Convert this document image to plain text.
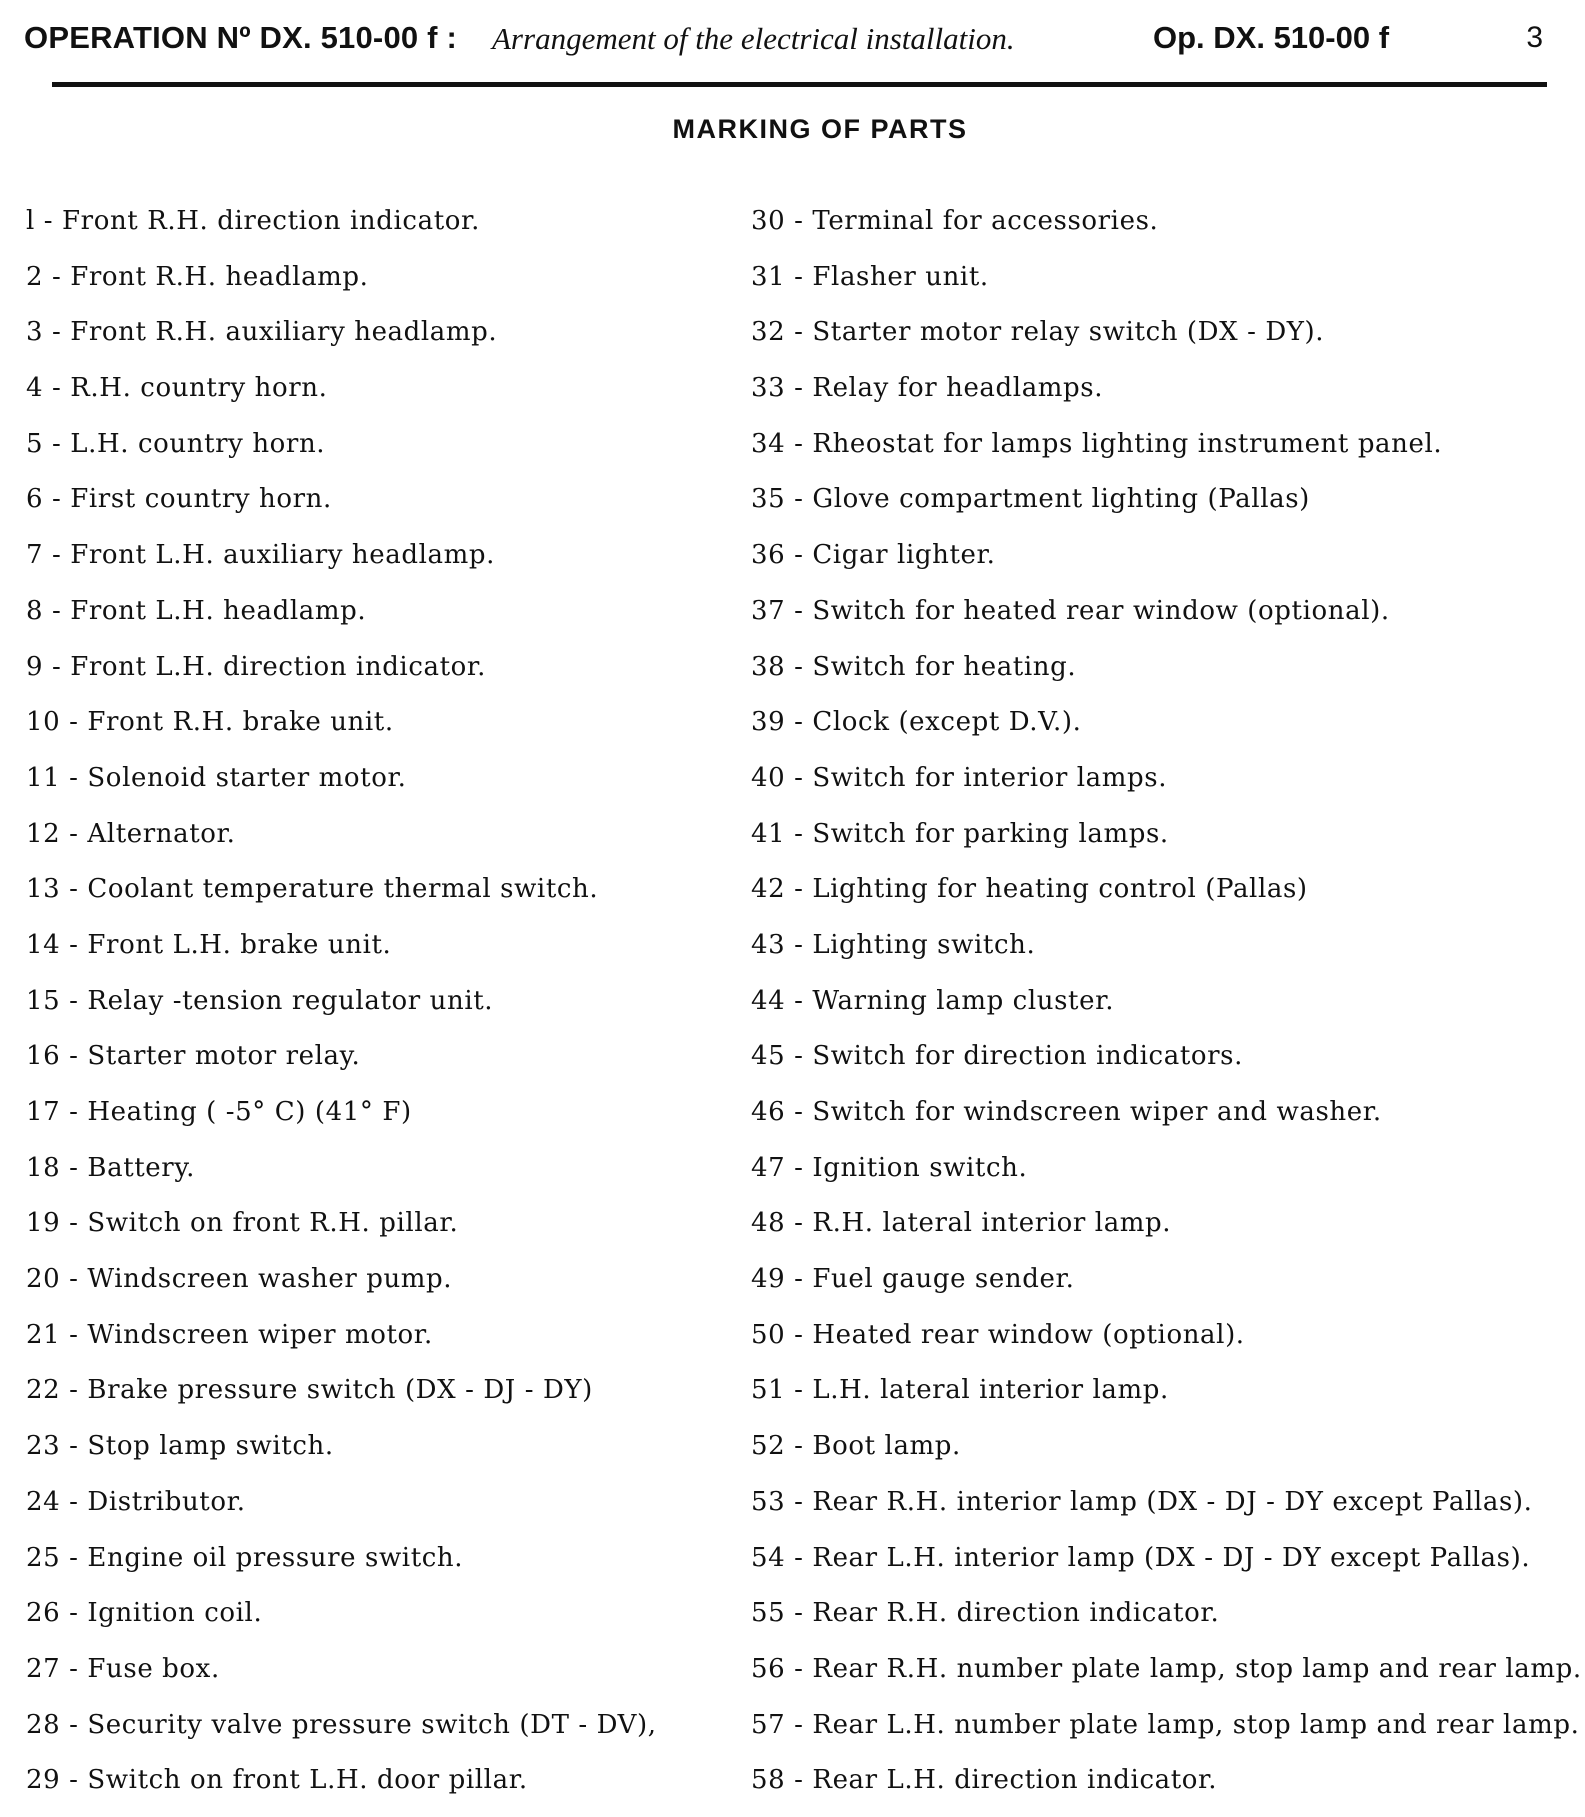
OPERATION Nº DX. 510-00 f : Arrangement of the electrical installation.	Op. DX. 510-00 f	3
MARKING OF PARTS
l - Front R.H. direction indicator.
2 - Front R.H. headlamp.
3 - Front R.H. auxiliary headlamp.
4 - R.H. country horn.
5 - L.H. country horn.
6 - First country horn.
7 - Front L.H. auxiliary headlamp.
8 - Front L.H. headlamp.
9 - Front L.H. direction indicator.
10 - Front R.H. brake unit.
11 - Solenoid starter motor.
12 - Alternator.
13 - Coolant temperature thermal switch.
14 - Front L.H. brake unit.
15 - Relay -tension regulator unit.
16 - Starter motor relay.
17 - Heating ( -5° C) (41° F)
18 - Battery.
19 - Switch on front R.H. pillar.
20 - Windscreen washer pump.
21 - Windscreen wiper motor.
22 - Brake pressure switch (DX - DJ - DY)
23 - Stop lamp switch.
24 - Distributor.
25 - Engine oil pressure switch.
26 - Ignition coil.
27 - Fuse box.
28 - Security valve pressure switch (DT - DV),
29 - Switch on front L.H. door pillar.
30 - Terminal for accessories.
31 - Flasher unit.
32 - Starter motor relay switch (DX - DY).
33 - Relay for headlamps.
34 - Rheostat for lamps lighting instrument panel.
35 - Glove compartment lighting (Pallas)
36 - Cigar lighter.
37 - Switch for heated rear window (optional).
38 - Switch for heating.
39 - Clock (except D.V.).
40 - Switch for interior lamps.
41 - Switch for parking lamps.
42 - Lighting for heating control (Pallas)
43 - Lighting switch.
44 - Warning lamp cluster.
45 - Switch for direction indicators.
46 - Switch for windscreen wiper and washer.
47 - Ignition switch.
48 - R.H. lateral interior lamp.
49 - Fuel gauge sender.
50 - Heated rear window (optional).
51 - L.H. lateral interior lamp.
52 - Boot lamp.
53 - Rear R.H. interior lamp (DX - DJ - DY except Pallas).
54 - Rear L.H. interior lamp (DX - DJ - DY except Pallas).
55 - Rear R.H. direction indicator.
56 - Rear R.H. number plate lamp, stop lamp and rear lamp.
57 - Rear L.H. number plate lamp, stop lamp and rear lamp.
58 - Rear L.H. direction indicator.
